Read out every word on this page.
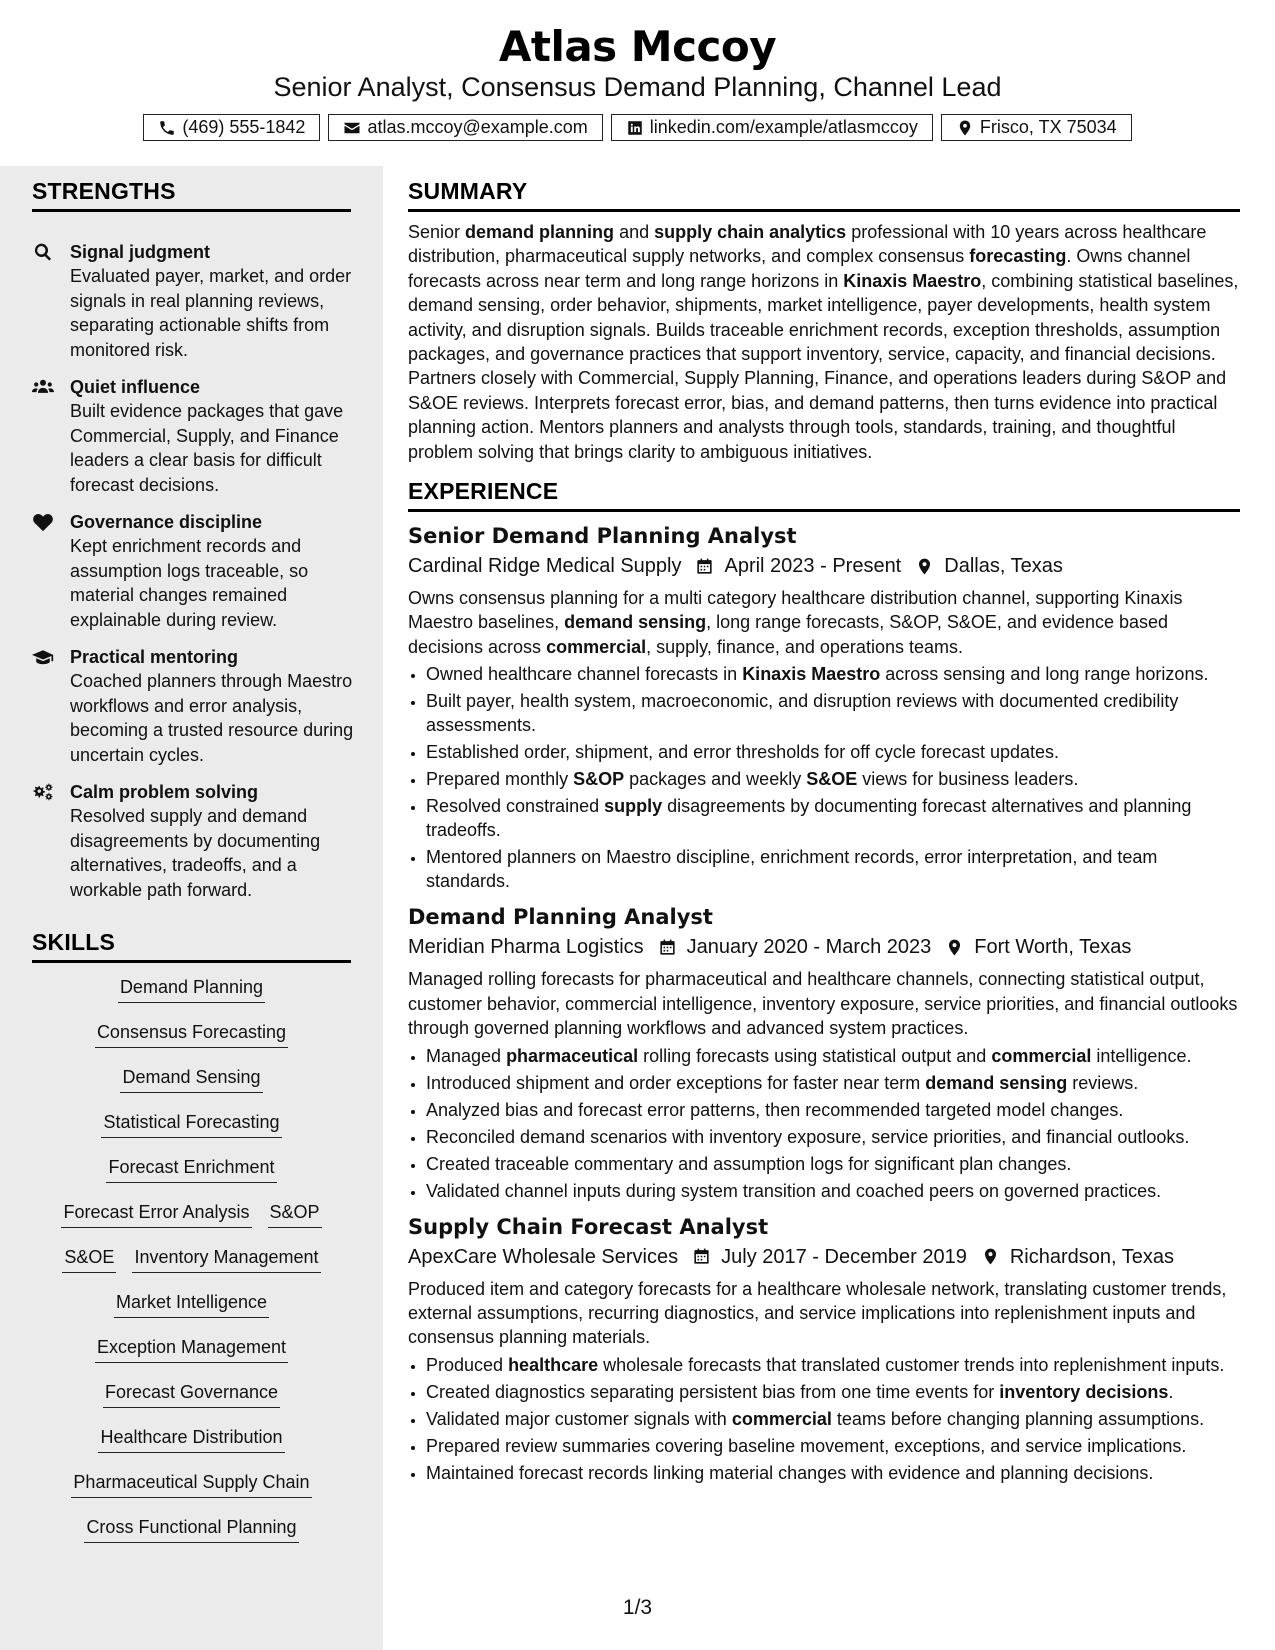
Atlas Mccoy
Senior Analyst, Consensus Demand Planning, Channel Lead
(469) 555-1842	atlas.mccoy@example.com	linkedin.com/example/atlasmccoy	Frisco, TX 75034
STRENGTHS
Signal judgment
Evaluated payer, market, and order signals in real planning reviews, separating actionable shifts from monitored risk.
Quiet influence
Built evidence packages that gave Commercial, Supply, and Finance leaders a clear basis for difficult forecast decisions.
Governance discipline
Kept enrichment records and assumption logs traceable, so material changes remained explainable during review.
Practical mentoring
Coached planners through Maestro workflows and error analysis, becoming a trusted resource during uncertain cycles.
Calm problem solving
Resolved supply and demand disagreements by documenting alternatives, tradeoffs, and a workable path forward.
SKILLS
Demand Planning
Consensus Forecasting
Demand Sensing
Statistical Forecasting
Forecast Enrichment
Forecast Error Analysis S&OP
S&OE Inventory Management
Market Intelligence
Exception Management
Forecast Governance
Healthcare Distribution
Pharmaceutical Supply Chain
Cross Functional Planning
SUMMARY
Senior demand planning and supply chain analytics professional with 10 years across healthcare distribution, pharmaceutical supply networks, and complex consensus forecasting. Owns channel forecasts across near term and long range horizons in Kinaxis Maestro, combining statistical baselines, demand sensing, order behavior, shipments, market intelligence, payer developments, health system activity, and disruption signals. Builds traceable enrichment records, exception thresholds, assumption packages, and governance practices that support inventory, service, capacity, and financial decisions. Partners closely with Commercial, Supply Planning, Finance, and operations leaders during S&OP and S&OE reviews. Interprets forecast error, bias, and demand patterns, then turns evidence into practical planning action. Mentors planners and analysts through tools, standards, training, and thoughtful problem solving that brings clarity to ambiguous initiatives.
EXPERIENCE
Senior Demand Planning Analyst
Cardinal Ridge Medical Supply April 2023 - Present Dallas, Texas
Owns consensus planning for a multi category healthcare distribution channel, supporting Kinaxis Maestro baselines, demand sensing, long range forecasts, S&OP, S&OE, and evidence based decisions across commercial, supply, finance, and operations teams.
• Owned healthcare channel forecasts in Kinaxis Maestro across sensing and long range horizons.
• Built payer, health system, macroeconomic, and disruption reviews with documented credibility assessments.
• Established order, shipment, and error thresholds for off cycle forecast updates.
• Prepared monthly S&OP packages and weekly S&OE views for business leaders.
• Resolved constrained supply disagreements by documenting forecast alternatives and planning tradeoffs.
• Mentored planners on Maestro discipline, enrichment records, error interpretation, and team standards.
Demand Planning Analyst
Meridian Pharma Logistics January 2020 - March 2023 Fort Worth, Texas
Managed rolling forecasts for pharmaceutical and healthcare channels, connecting statistical output, customer behavior, commercial intelligence, inventory exposure, service priorities, and financial outlooks through governed planning workflows and advanced system practices.
• Managed pharmaceutical rolling forecasts using statistical output and commercial intelligence.
• Introduced shipment and order exceptions for faster near term demand sensing reviews.
• Analyzed bias and forecast error patterns, then recommended targeted model changes.
• Reconciled demand scenarios with inventory exposure, service priorities, and financial outlooks.
• Created traceable commentary and assumption logs for significant plan changes.
• Validated channel inputs during system transition and coached peers on governed practices.
Supply Chain Forecast Analyst
ApexCare Wholesale Services July 2017 - December 2019 Richardson, Texas
Produced item and category forecasts for a healthcare wholesale network, translating customer trends, external assumptions, recurring diagnostics, and service implications into replenishment inputs and consensus planning materials.
• Produced healthcare wholesale forecasts that translated customer trends into replenishment inputs.
• Created diagnostics separating persistent bias from one time events for inventory decisions.
• Validated major customer signals with commercial teams before changing planning assumptions.
• Prepared review summaries covering baseline movement, exceptions, and service implications.
• Maintained forecast records linking material changes with evidence and planning decisions.
1/3
